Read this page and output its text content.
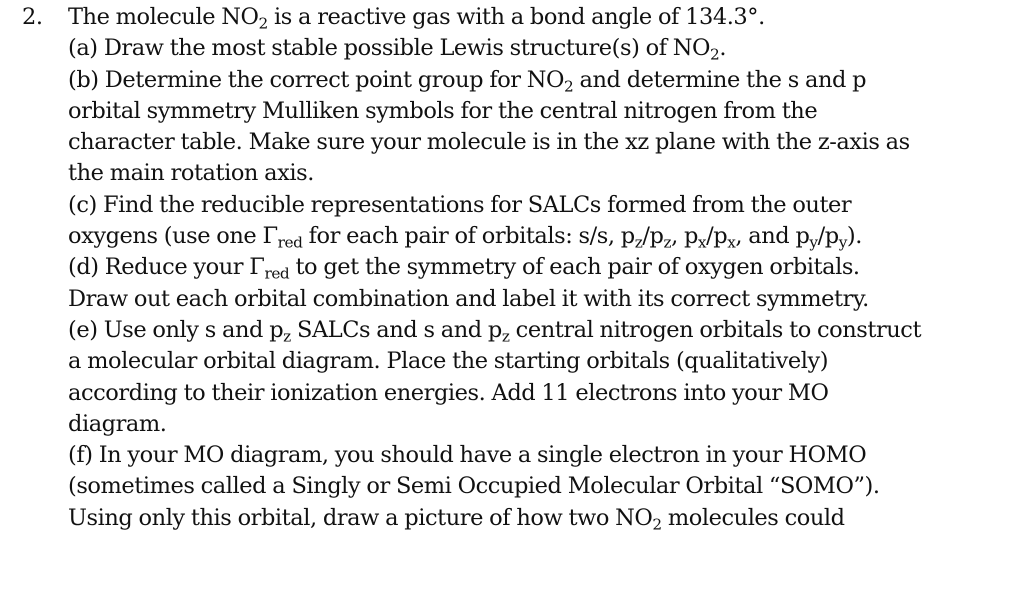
2. The molecule NO2 is a reactive gas with a bond angle of 134.3°.
(a) Draw the most stable possible Lewis structure(s) of NO2.
(b) Determine the correct point group for NO2 and determine the s and p
orbital symmetry Mulliken symbols for the central nitrogen from the
character table. Make sure your molecule is in the xz plane with the z-axis as
the main rotation axis.
(c) Find the reducible representations for SALCs formed from the outer
oxygens (use one Γred for each pair of orbitals: s/s, pz/pz, px/px, and py/py).
(d) Reduce your Γred to get the symmetry of each pair of oxygen orbitals.
Draw out each orbital combination and label it with its correct symmetry.
(e) Use only s and pz SALCs and s and pz central nitrogen orbitals to construct
a molecular orbital diagram. Place the starting orbitals (qualitatively)
according to their ionization energies. Add 11 electrons into your MO
diagram.
(f) In your MO diagram, you should have a single electron in your HOMO
(sometimes called a Singly or Semi Occupied Molecular Orbital “SOMO”).
Using only this orbital, draw a picture of how two NO2 molecules could
